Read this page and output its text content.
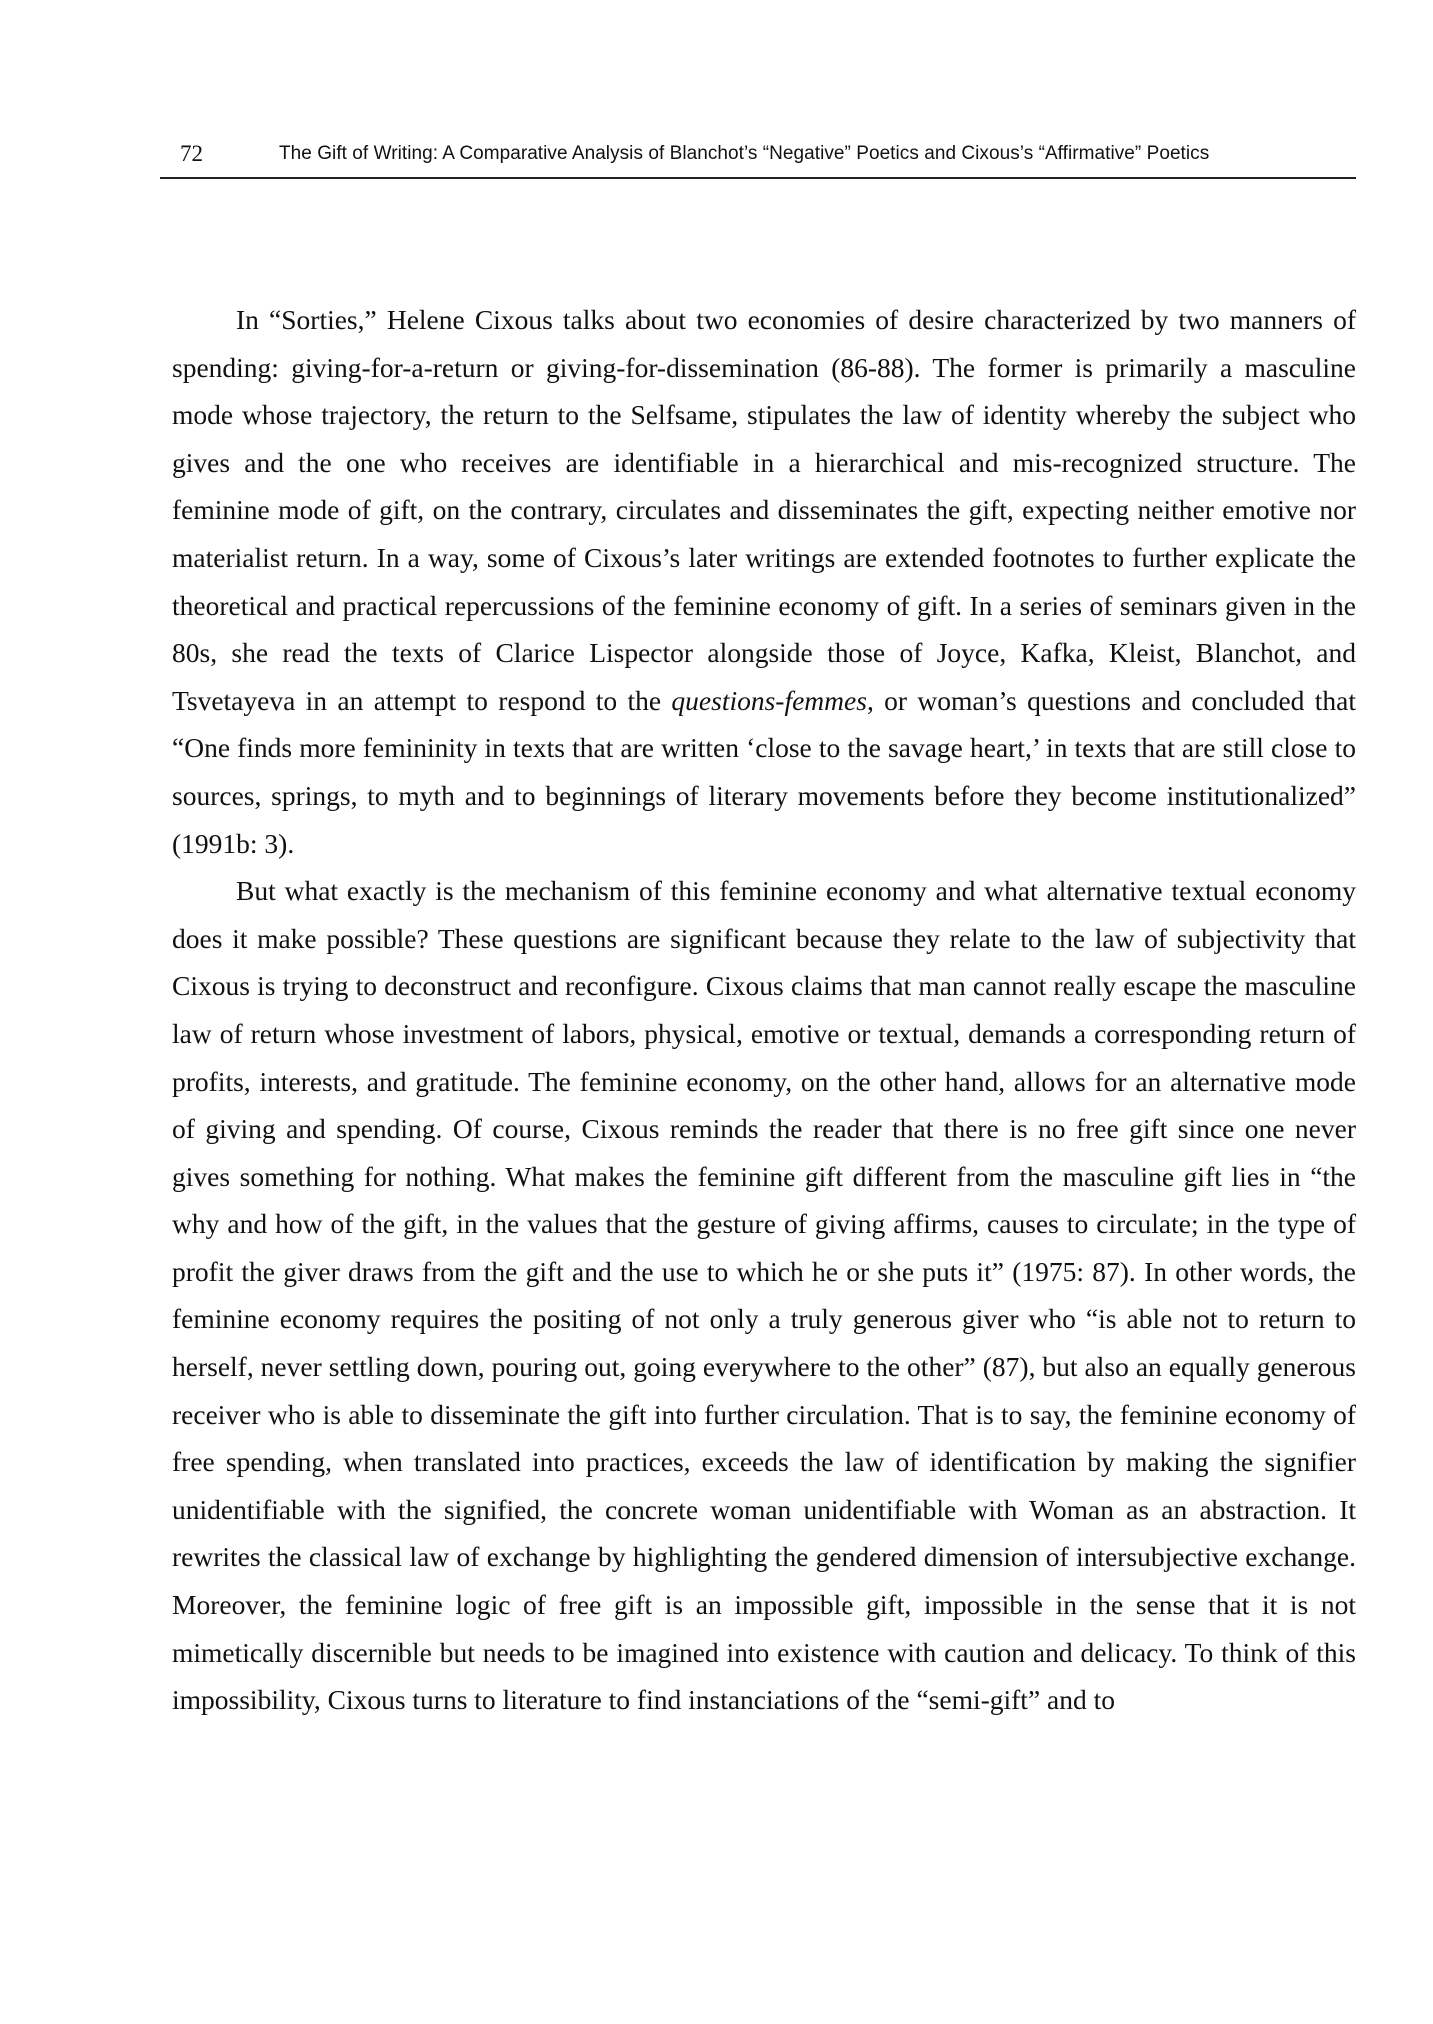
72	The Gift of Writing: A Comparative Analysis of Blanchot’s “Negative” Poetics and Cixous’s “Affirmative” Poetics

In “Sorties,” Helene Cixous talks about two economies of desire characterized by two manners of spending: giving-for-a-return or giving-for-dissemination (86-88). The former is primarily a masculine mode whose trajectory, the return to the Selfsame, stipulates the law of identity whereby the subject who gives and the one who receives are identifiable in a hierarchical and mis-recognized structure. The feminine mode of gift, on the contrary, circulates and disseminates the gift, expecting neither emotive nor materialist return. In a way, some of Cixous’s later writings are extended footnotes to further explicate the theoretical and practical repercussions of the feminine economy of gift. In a series of seminars given in the 80s, she read the texts of Clarice Lispector alongside those of Joyce, Kafka, Kleist, Blanchot, and Tsvetayeva in an attempt to respond to the questions-femmes, or woman’s questions and concluded that “One finds more femininity in texts that are written ‘close to the savage heart,’ in texts that are still close to sources, springs, to myth and to beginnings of literary movements before they become institutionalized” (1991b: 3).

But what exactly is the mechanism of this feminine economy and what alternative textual economy does it make possible? These questions are significant because they relate to the law of subjectivity that Cixous is trying to deconstruct and reconfigure. Cixous claims that man cannot really escape the masculine law of return whose investment of labors, physical, emotive or textual, demands a corresponding return of profits, interests, and gratitude. The feminine economy, on the other hand, allows for an alternative mode of giving and spending. Of course, Cixous reminds the reader that there is no free gift since one never gives something for nothing. What makes the feminine gift different from the masculine gift lies in “the why and how of the gift, in the values that the gesture of giving affirms, causes to circulate; in the type of profit the giver draws from the gift and the use to which he or she puts it” (1975: 87). In other words, the feminine economy requires the positing of not only a truly generous giver who “is able not to return to herself, never settling down, pouring out, going everywhere to the other” (87), but also an equally generous receiver who is able to disseminate the gift into further circulation. That is to say, the feminine economy of free spending, when translated into practices, exceeds the law of identification by making the signifier unidentifiable with the signified, the concrete woman unidentifiable with Woman as an abstraction. It rewrites the classical law of exchange by highlighting the gendered dimension of intersubjective exchange. Moreover, the feminine logic of free gift is an impossible gift, impossible in the sense that it is not mimetically discernible but needs to be imagined into existence with caution and delicacy. To think of this impossibility, Cixous turns to literature to find instanciations of the “semi-gift” and to
